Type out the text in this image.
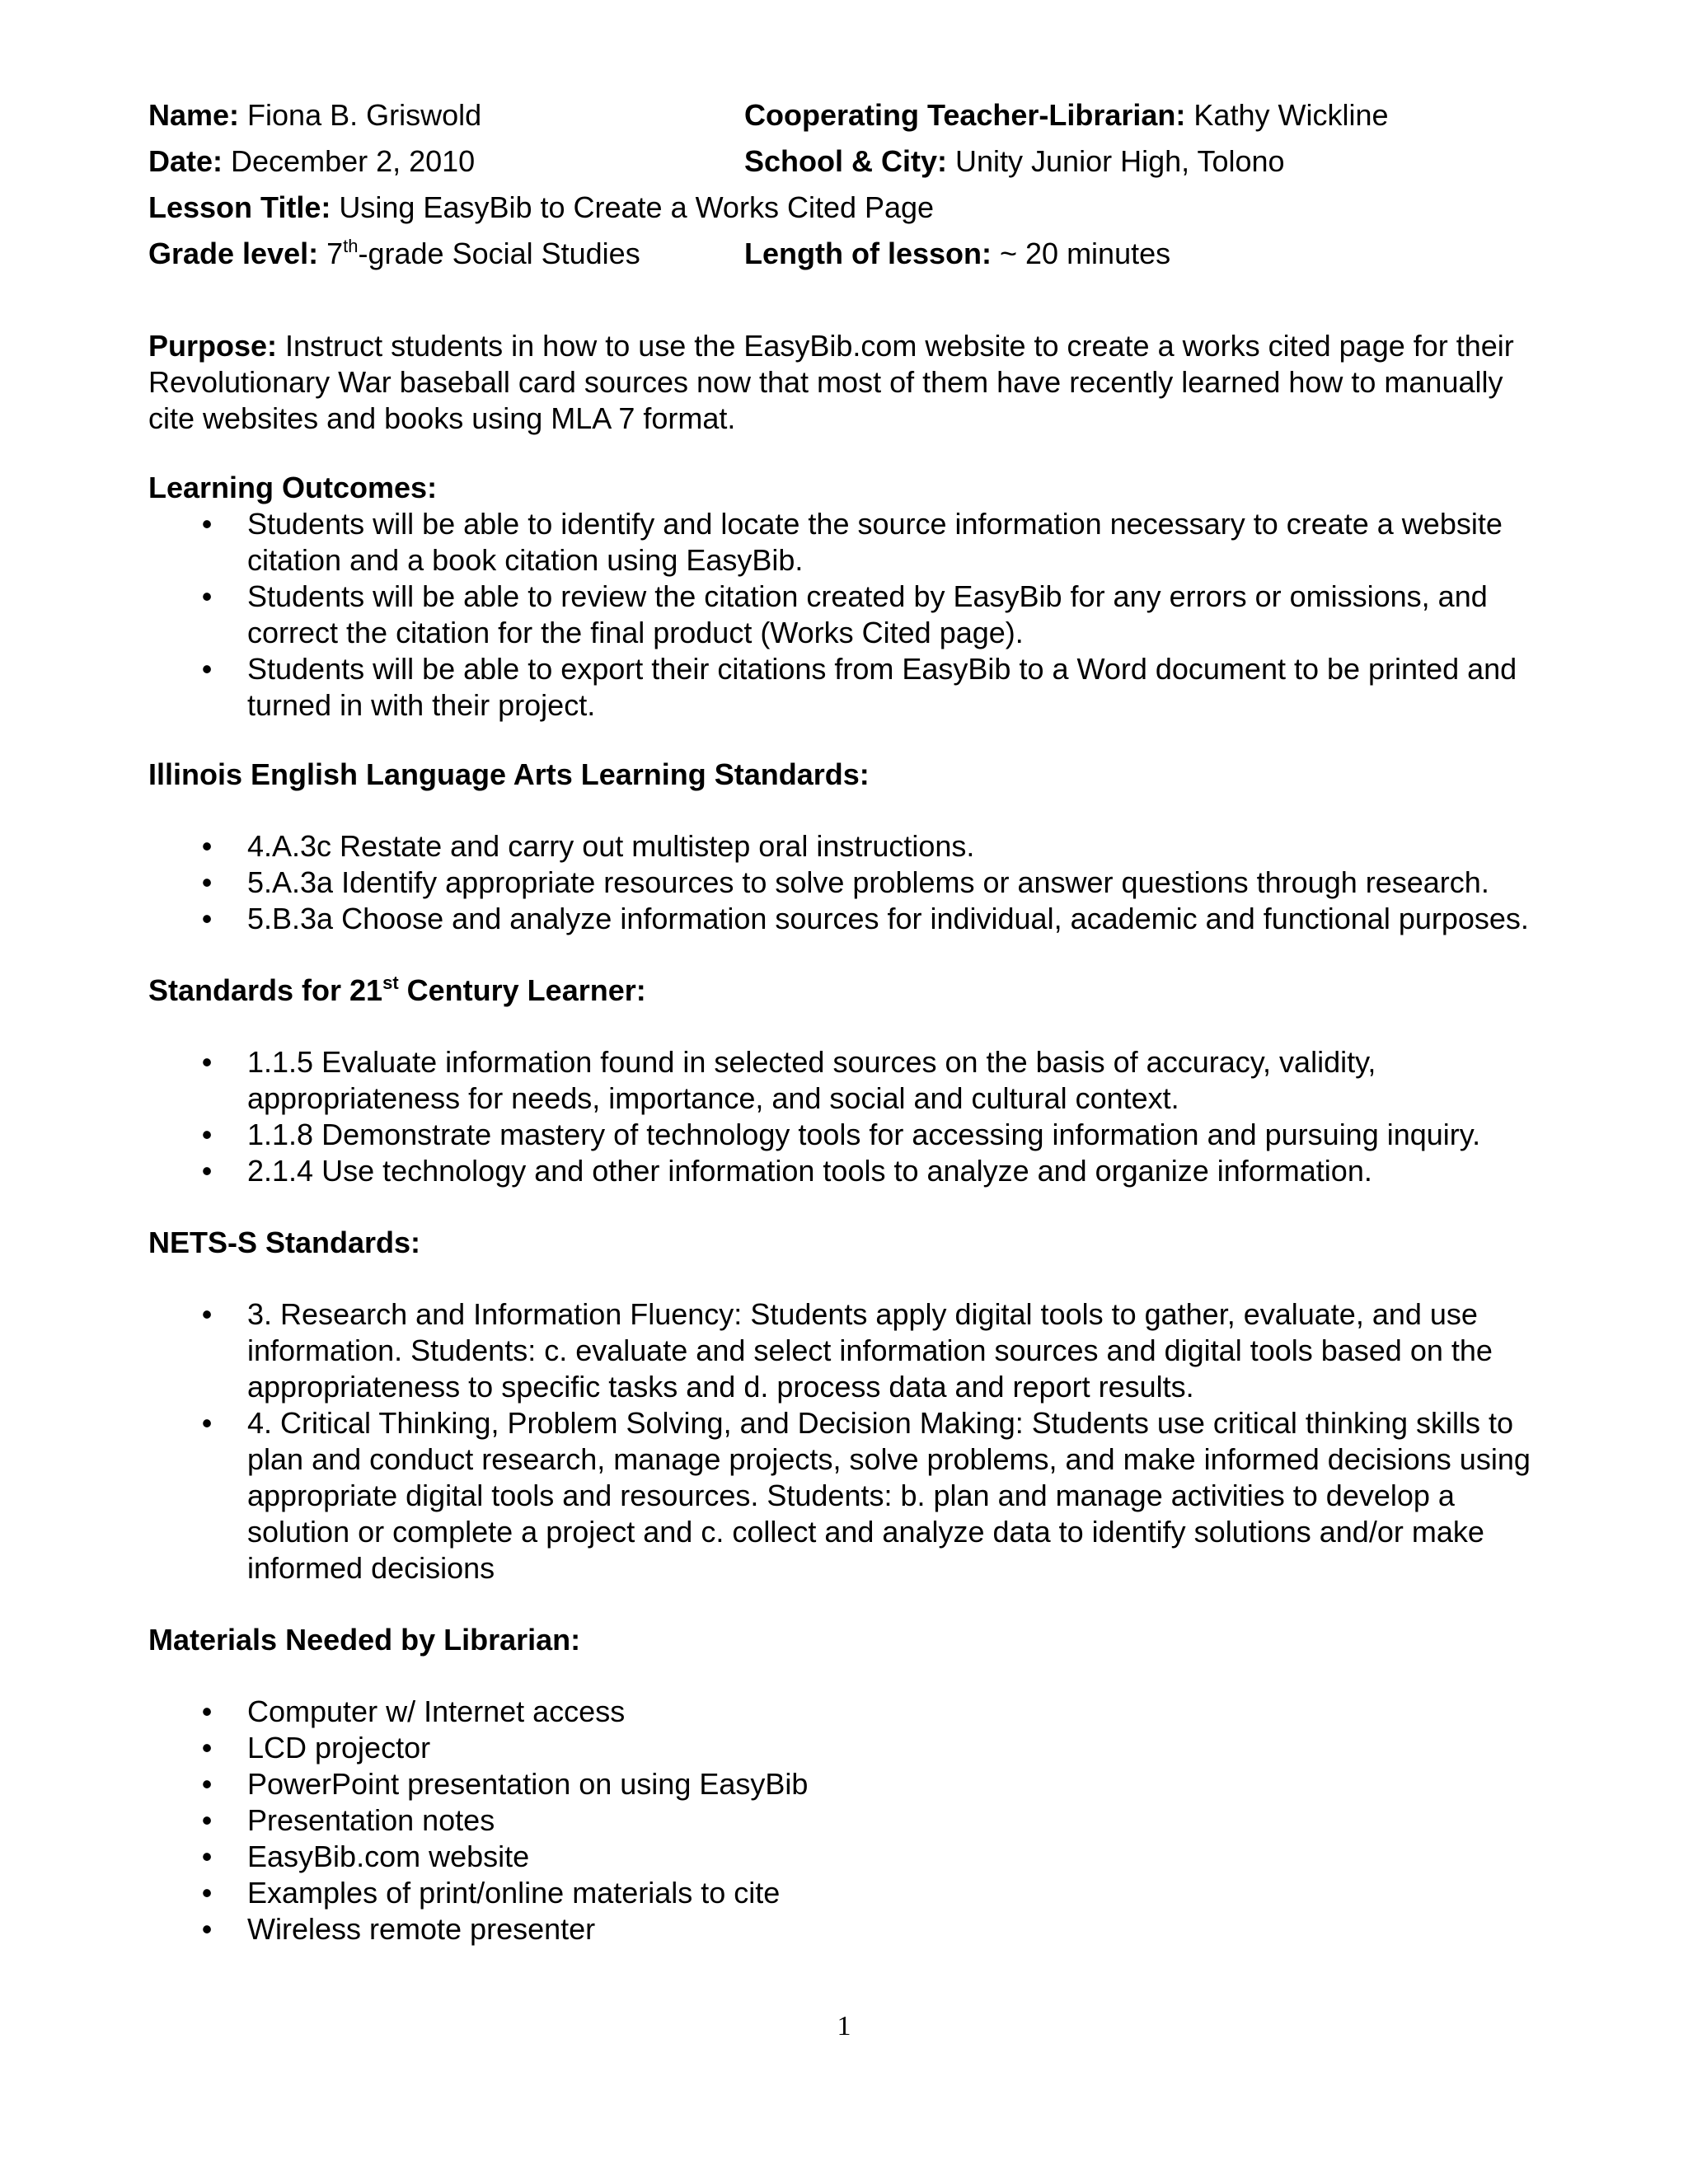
Name: Fiona B. Griswold	Cooperating Teacher-Librarian: Kathy Wickline
Date: December 2, 2010	School & City: Unity Junior High, Tolono
Lesson Title: Using EasyBib to Create a Works Cited Page
Grade level: 7th-grade Social Studies	Length of lesson: ~ 20 minutes

Purpose: Instruct students in how to use the EasyBib.com website to create a works cited page for their Revolutionary War baseball card sources now that most of them have recently learned how to manually cite websites and books using MLA 7 format.

Learning Outcomes:
• Students will be able to identify and locate the source information necessary to create a website citation and a book citation using EasyBib.
• Students will be able to review the citation created by EasyBib for any errors or omissions, and correct the citation for the final product (Works Cited page).
• Students will be able to export their citations from EasyBib to a Word document to be printed and turned in with their project.
Illinois English Language Arts Learning Standards:
• 4.A.3c Restate and carry out multistep oral instructions.
• 5.A.3a Identify appropriate resources to solve problems or answer questions through research.
• 5.B.3a Choose and analyze information sources for individual, academic and functional purposes.
Standards for 21st Century Learner:
• 1.1.5 Evaluate information found in selected sources on the basis of accuracy, validity, appropriateness for needs, importance, and social and cultural context.
• 1.1.8 Demonstrate mastery of technology tools for accessing information and pursuing inquiry.
• 2.1.4 Use technology and other information tools to analyze and organize information.
NETS-S Standards:
• 3. Research and Information Fluency: Students apply digital tools to gather, evaluate, and use information. Students: c. evaluate and select information sources and digital tools based on the appropriateness to specific tasks and d. process data and report results.
• 4. Critical Thinking, Problem Solving, and Decision Making: Students use critical thinking skills to plan and conduct research, manage projects, solve problems, and make informed decisions using appropriate digital tools and resources. Students: b. plan and manage activities to develop a solution or complete a project and c. collect and analyze data to identify solutions and/or make informed decisions
Materials Needed by Librarian:
• Computer w/ Internet access
• LCD projector
• PowerPoint presentation on using EasyBib
• Presentation notes
• EasyBib.com website
• Examples of print/online materials to cite
• Wireless remote presenter
1
